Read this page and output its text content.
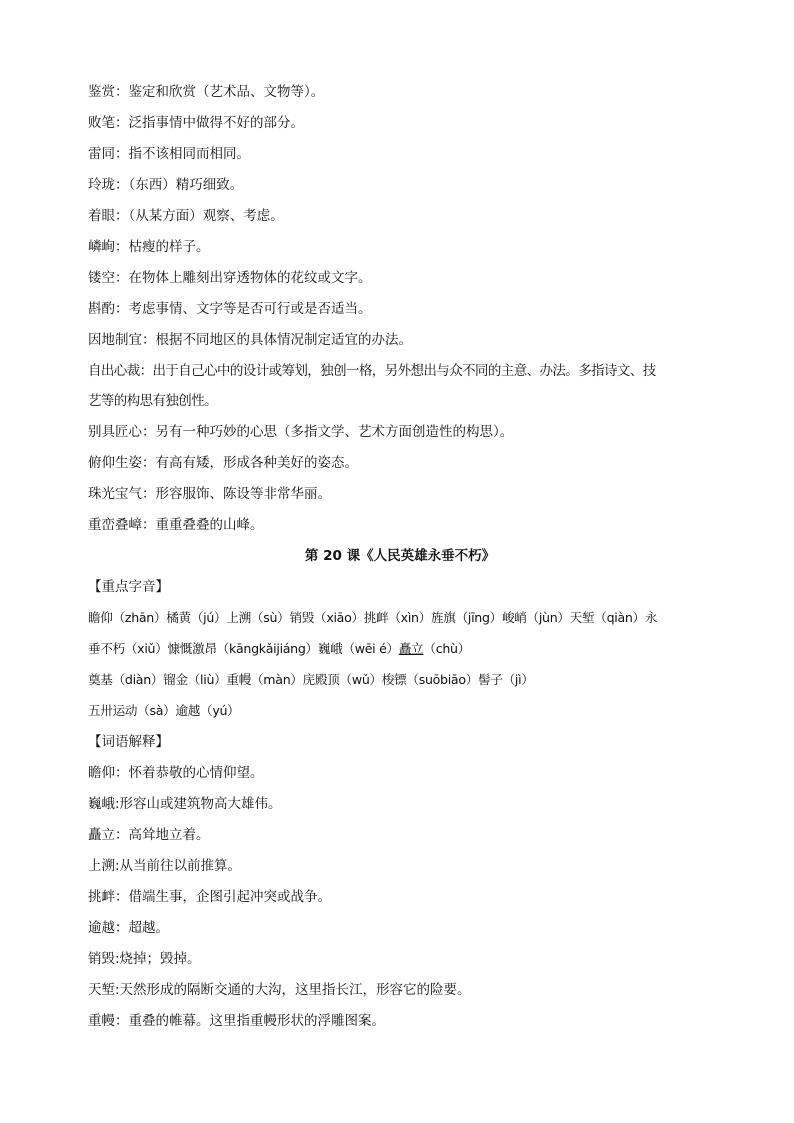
鉴赏：鉴定和欣赏（艺术品、文物等）。
败笔：泛指事情中做得不好的部分。
雷同：指不该相同而相同。
玲珑：（东西）精巧细致。
着眼：（从某方面）观察、考虑。
嶙峋：枯瘦的样子。
镂空：在物体上雕刻出穿透物体的花纹或文字。
斟酌：考虑事情、文字等是否可行或是否适当。
因地制宜：根据不同地区的具体情况制定适宜的办法。
自出心裁：出于自己心中的设计或筹划，独创一格，另外想出与众不同的主意、办法。多指诗文、技
艺等的构思有独创性。
别具匠心：另有一种巧妙的心思（多指文学、艺术方面创造性的构思）。
俯仰生姿：有高有矮，形成各种美好的姿态。
珠光宝气：形容服饰、陈设等非常华丽。
重峦叠嶂：重重叠叠的山峰。
第 20 课《人民英雄永垂不朽》
【重点字音】
瞻仰（zhān）橘黄（jú）上溯（sù）销毁（xiāo）挑衅（xìn）旌旗（jīng）峻峭（jùn）天堑（qiàn）永
垂不朽（xiǔ）慷慨激昂（kāngkǎijiáng）巍峨（wēi é）矗立（chù）
奠基（diàn）镏金（liù）重幔（màn）庑殿顶（wǔ）梭镖（suōbiāo）髻子（jì）
五卅运动（sà）逾越（yú）
【词语解释】
瞻仰：怀着恭敬的心情仰望。
巍峨:形容山或建筑物高大雄伟。
矗立：高耸地立着。
上溯:从当前往以前推算。
挑衅：借端生事，企图引起冲突或战争。
逾越：超越。
销毁:烧掉；毁掉。
天堑:天然形成的隔断交通的大沟，这里指长江，形容它的险要。
重幔：重叠的帷幕。这里指重幔形状的浮雕图案。
